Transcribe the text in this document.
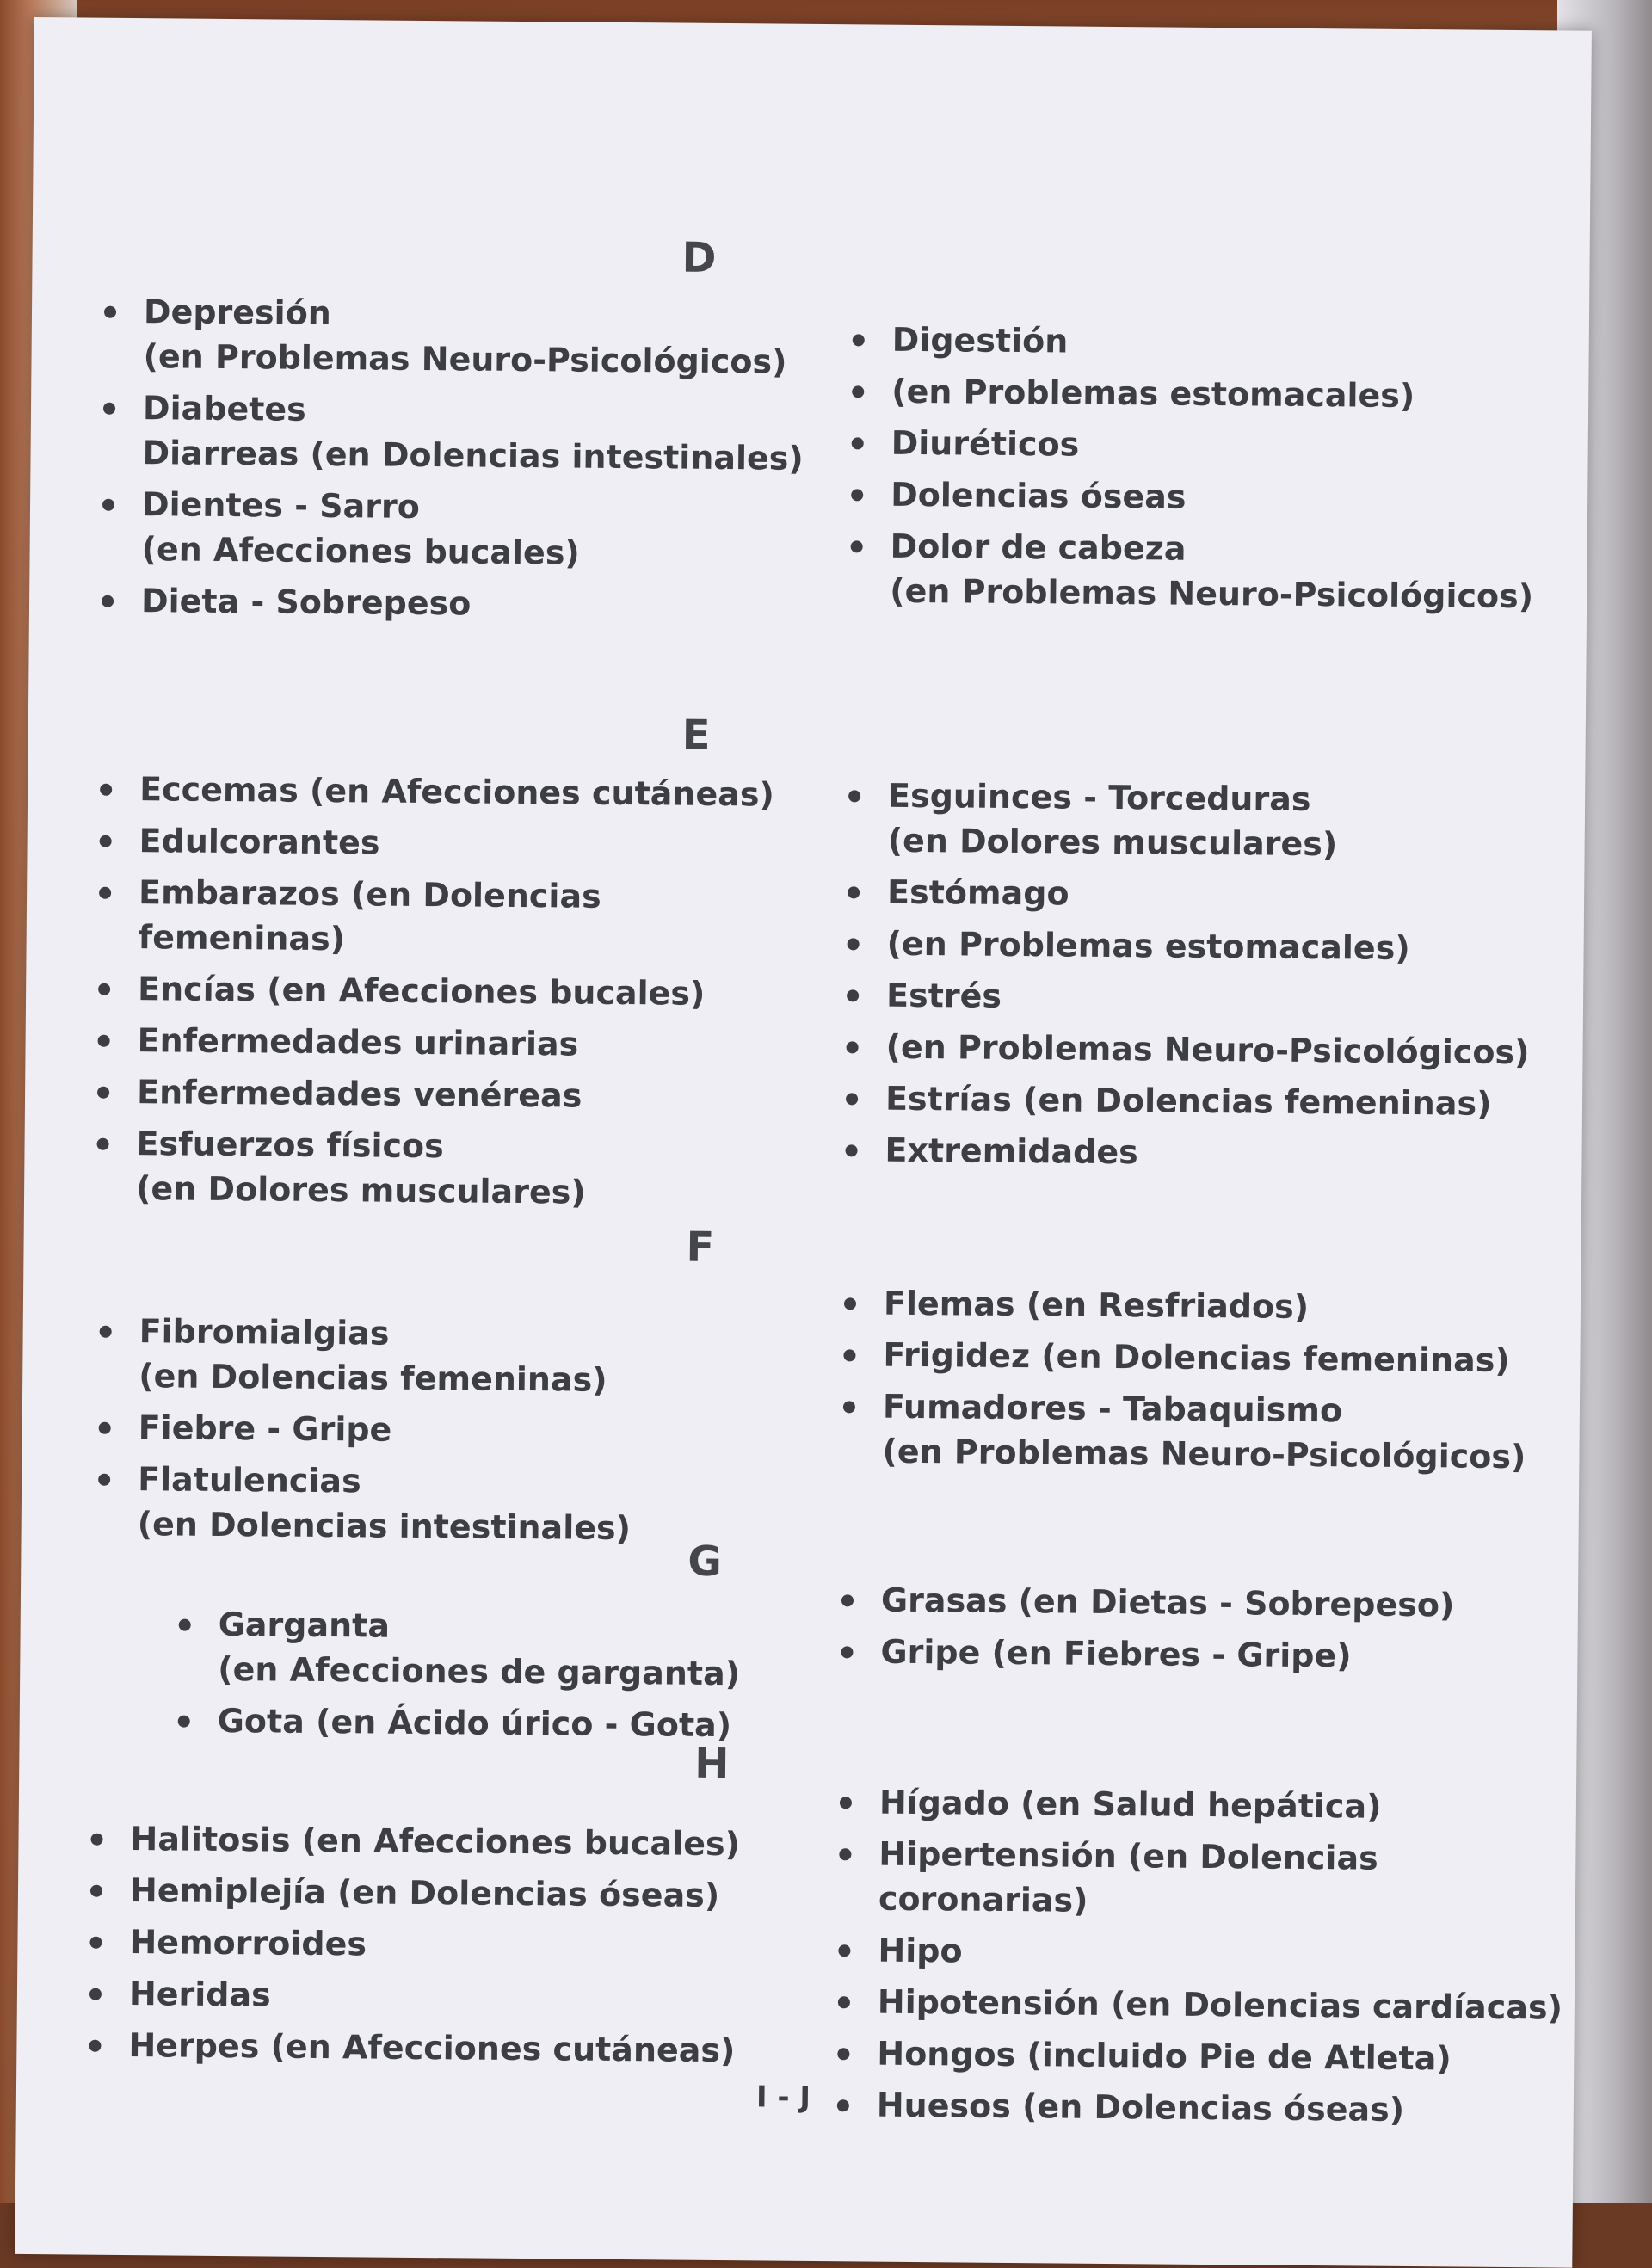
D
Depresión
(en Problemas Neuro-Psicológicos)
Diabetes
Diarreas (en Dolencias intestinales)
Dientes - Sarro
(en Afecciones bucales)
Dieta - Sobrepeso
Digestión
(en Problemas estomacales)
Diuréticos
Dolencias óseas
Dolor de cabeza
(en Problemas Neuro-Psicológicos)
E
Eccemas (en Afecciones cutáneas)
Edulcorantes
Embarazos (en Dolencias femeninas)
Encías (en Afecciones bucales)
Enfermedades urinarias
Enfermedades venéreas
Esfuerzos físicos
(en Dolores musculares)
Esguinces - Torceduras
(en Dolores musculares)
Estómago
(en Problemas estomacales)
Estrés
(en Problemas Neuro-Psicológicos)
Estrías (en Dolencias femeninas)
Extremidades
F
Fibromialgias
(en Dolencias femeninas)
Fiebre - Gripe
Flatulencias
(en Dolencias intestinales)
Flemas (en Resfriados)
Frigidez (en Dolencias femeninas)
Fumadores - Tabaquismo
(en Problemas Neuro-Psicológicos)
G
Garganta
(en Afecciones de garganta)
Gota (en Ácido úrico - Gota)
Grasas (en Dietas - Sobrepeso)
Gripe (en Fiebres - Gripe)
H
Halitosis (en Afecciones bucales)
Hemiplejía (en Dolencias óseas)
Hemorroides
Heridas
Herpes (en Afecciones cutáneas)
Hígado (en Salud hepática)
Hipertensión (en Dolencias coronarias)
Hipo
Hipotensión (en Dolencias cardíacas)
Hongos (incluido Pie de Atleta)
Huesos (en Dolencias óseas)
I - J
